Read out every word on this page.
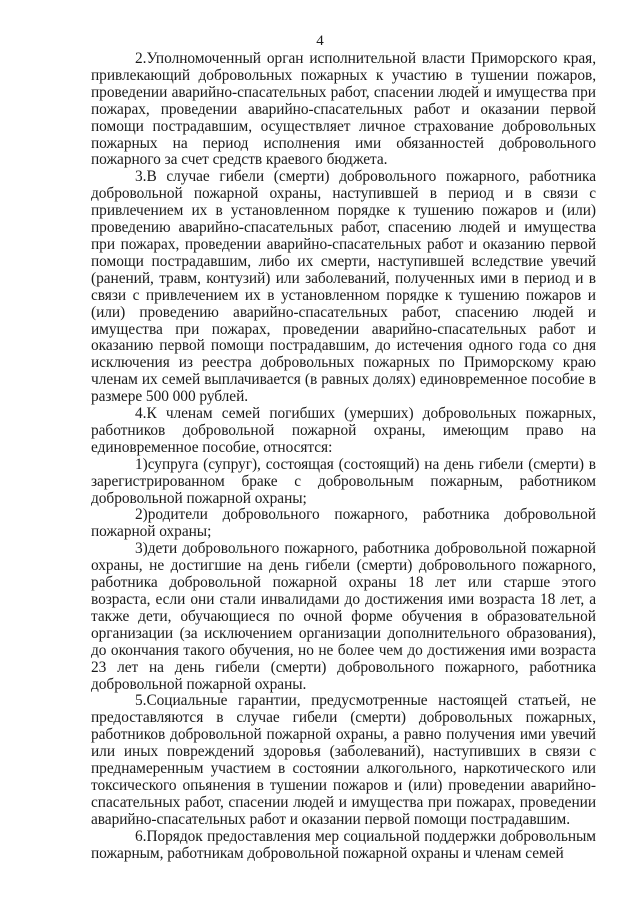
4

2.Уполномоченный орган исполнительной власти Приморского края, привлекающий добровольных пожарных к участию в тушении пожаров, проведении аварийно-спасательных работ, спасении людей и имущества при пожарах, проведении аварийно-спасательных работ и оказании первой помощи пострадавшим, осуществляет личное страхование добровольных пожарных на период исполнения ими обязанностей добровольного пожарного за счет средств краевого бюджета.

3.В случае гибели (смерти) добровольного пожарного, работника добровольной пожарной охраны, наступившей в период и в связи с привлечением их в установленном порядке к тушению пожаров и (или) проведению аварийно-спасательных работ, спасению людей и имущества при пожарах, проведении аварийно-спасательных работ и оказанию первой помощи пострадавшим, либо их смерти, наступившей вследствие увечий (ранений, травм, контузий) или заболеваний, полученных ими в период и в связи с привлечением их в установленном порядке к тушению пожаров и (или) проведению аварийно-спасательных работ, спасению людей и имущества при пожарах, проведении аварийно-спасательных работ и оказанию первой помощи пострадавшим, до истечения одного года со дня исключения из реестра добровольных пожарных по Приморскому краю членам их семей выплачивается (в равных долях) единовременное пособие в размере 500 000 рублей.

4.К членам семей погибших (умерших) добровольных пожарных, работников добровольной пожарной охраны, имеющим право на единовременное пособие, относятся:

1)супруга (супруг), состоящая (состоящий) на день гибели (смерти) в зарегистрированном браке с добровольным пожарным, работником добровольной пожарной охраны;

2)родители добровольного пожарного, работника добровольной пожарной охраны;

3)дети добровольного пожарного, работника добровольной пожарной охраны, не достигшие на день гибели (смерти) добровольного пожарного, работника добровольной пожарной охраны 18 лет или старше этого возраста, если они стали инвалидами до достижения ими возраста 18 лет, а также дети, обучающиеся по очной форме обучения в образовательной организации (за исключением организации дополнительного образования), до окончания такого обучения, но не более чем до достижения ими возраста 23 лет на день гибели (смерти) добровольного пожарного, работника добровольной пожарной охраны.

5.Социальные гарантии, предусмотренные настоящей статьей, не предоставляются в случае гибели (смерти) добровольных пожарных, работников добровольной пожарной охраны, а равно получения ими увечий или иных повреждений здоровья (заболеваний), наступивших в связи с преднамеренным участием в состоянии алкогольного, наркотического или токсического опьянения в тушении пожаров и (или) проведении аварийно-спасательных работ, спасении людей и имущества при пожарах, проведении аварийно-спасательных работ и оказании первой помощи пострадавшим.

6.Порядок предоставления мер социальной поддержки добровольным пожарным, работникам добровольной пожарной охраны и членам семей
